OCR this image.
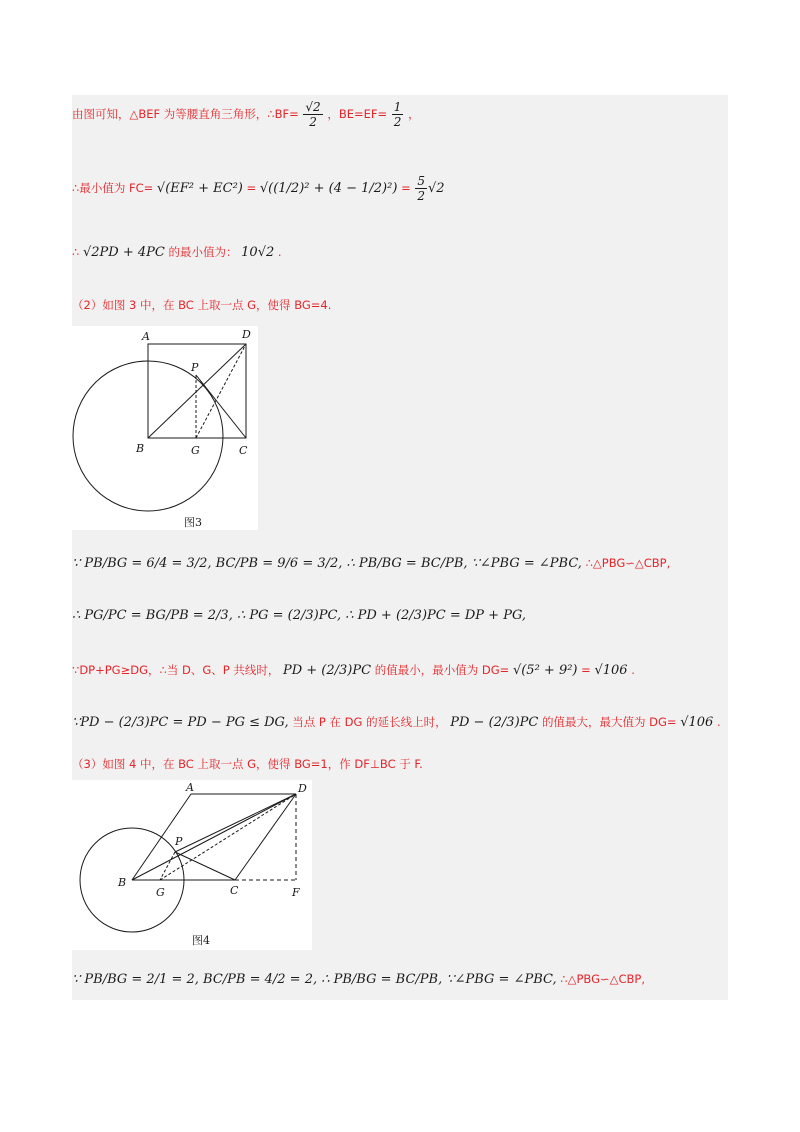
由图可知，△BEF 为等腰直角三角形，∴BF= $\frac{√2}{2}$ ，$BE=EF= \frac{1}{2}$ ，
∴最小值为 $FC= √(EF^2 + EC^2) = √((1/2)^2 + (4 - 1/2)^2) = \frac{5}{2} √2$
∴ √2PD + 4PC 的最小值为： 10√2 .
（2）如图 3 中，在 BC 上取一点 G，使得 BG=4.
A	D
P
B	G	C
图3
∵ PB/BG = 6/4 = 3/2, BC/PB = 9/6 = 3/2, ∴ PB/BG = BC/PB, ∵∠PBG = ∠PBC, ∴△PBG∽△CBP,
∴ PG/PC = BG/PB = 2/3, ∴ PG = (2/3)PC, ∴ PD + (2/3)PC = DP + PG,
∵DP+PG≥DG，∴当 D、G、P 共线时， PD + (2/3)PC 的值最小，最小值为 DG= √(5² + 9²) = √106 .
∵PD − (2/3)PC = PD − PG ≤ DG, 当点 P 在 DG 的延长线上时， PD − (2/3)PC 的值最大，最大值为 DG= √106 .
（3）如图 4 中，在 BC 上取一点 G，使得 BG=1，作 DF⊥BC 于 F.
A	D
P
B
G	C	F
图4
∵ PB/BG = 2/1 = 2, BC/PB = 4/2 = 2, ∴ PB/BG = BC/PB, ∵∠PBG = ∠PBC, ∴△PBG∽△CBP,
